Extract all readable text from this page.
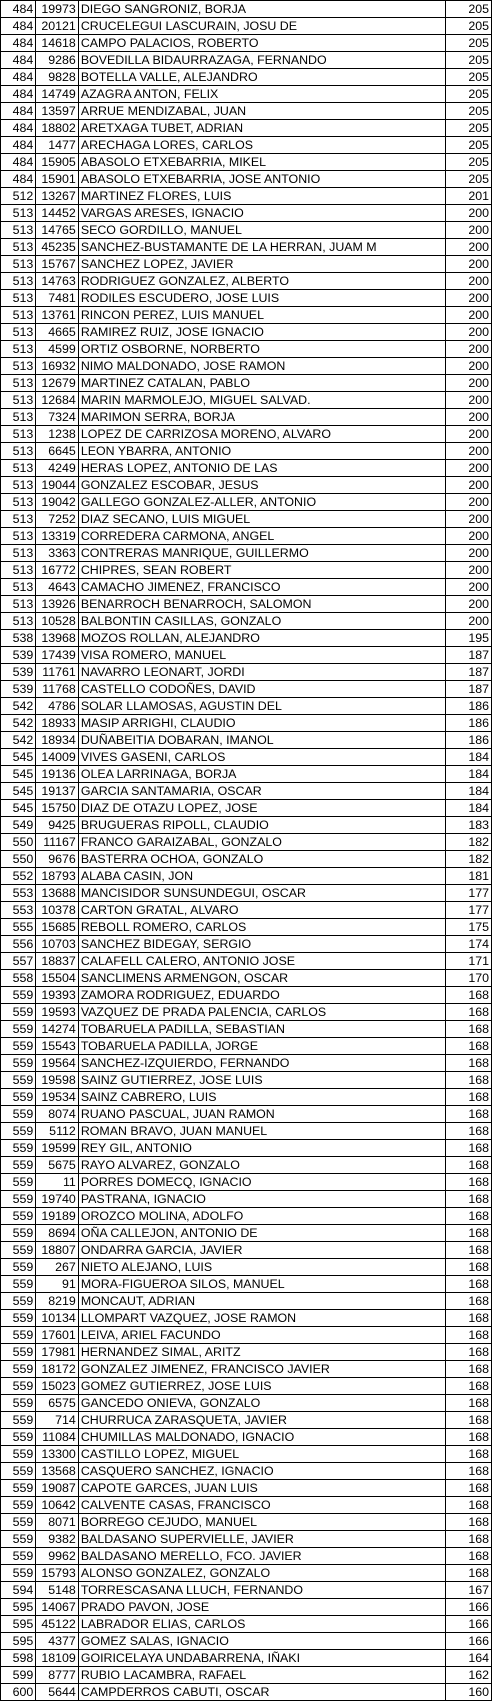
484	19973	DIEGO SANGRONIZ, BORJA	205
484	20121	CRUCELEGUI LASCURAIN, JOSU DE	205
484	14618	CAMPO PALACIOS, ROBERTO	205
484	9286	BOVEDILLA BIDAURRAZAGA, FERNANDO	205
484	9828	BOTELLA VALLE, ALEJANDRO	205
484	14749	AZAGRA ANTON, FELIX	205
484	13597	ARRUE MENDIZABAL, JUAN	205
484	18802	ARETXAGA TUBET, ADRIAN	205
484	1477	ARECHAGA LORES, CARLOS	205
484	15905	ABASOLO ETXEBARRIA, MIKEL	205
484	15901	ABASOLO ETXEBARRIA, JOSE ANTONIO	205
512	13267	MARTINEZ FLORES, LUIS	201
513	14452	VARGAS ARESES, IGNACIO	200
513	14765	SECO GORDILLO, MANUEL	200
513	45235	SANCHEZ-BUSTAMANTE DE LA HERRAN, JUAM M	200
513	15767	SANCHEZ LOPEZ, JAVIER	200
513	14763	RODRIGUEZ GONZALEZ, ALBERTO	200
513	7481	RODILES ESCUDERO, JOSE LUIS	200
513	13761	RINCON PEREZ, LUIS MANUEL	200
513	4665	RAMIREZ RUIZ, JOSE IGNACIO	200
513	4599	ORTIZ OSBORNE, NORBERTO	200
513	16932	NIMO MALDONADO, JOSE RAMON	200
513	12679	MARTINEZ CATALAN, PABLO	200
513	12684	MARIN MARMOLEJO, MIGUEL SALVAD.	200
513	7324	MARIMON SERRA, BORJA	200
513	1238	LOPEZ DE CARRIZOSA MORENO, ALVARO	200
513	6645	LEON YBARRA, ANTONIO	200
513	4249	HERAS LOPEZ, ANTONIO DE LAS	200
513	19044	GONZALEZ ESCOBAR, JESUS	200
513	19042	GALLEGO GONZALEZ-ALLER, ANTONIO	200
513	7252	DIAZ SECANO, LUIS MIGUEL	200
513	13319	CORREDERA CARMONA, ANGEL	200
513	3363	CONTRERAS MANRIQUE, GUILLERMO	200
513	16772	CHIPRES, SEAN ROBERT	200
513	4643	CAMACHO JIMENEZ, FRANCISCO	200
513	13926	BENARROCH BENARROCH, SALOMON	200
513	10528	BALBONTIN CASILLAS, GONZALO	200
538	13968	MOZOS ROLLAN, ALEJANDRO	195
539	17439	VISA ROMERO, MANUEL	187
539	11761	NAVARRO LEONART, JORDI	187
539	11768	CASTELLO CODOÑES, DAVID	187
542	4786	SOLAR LLAMOSAS, AGUSTIN DEL	186
542	18933	MASIP ARRIGHI, CLAUDIO	186
542	18934	DUÑABEITIA DOBARAN, IMANOL	186
545	14009	VIVES GASENI, CARLOS	184
545	19136	OLEA LARRINAGA, BORJA	184
545	19137	GARCIA SANTAMARIA, OSCAR	184
545	15750	DIAZ DE OTAZU LOPEZ, JOSE	184
549	9425	BRUGUERAS RIPOLL, CLAUDIO	183
550	11167	FRANCO GARAIZABAL, GONZALO	182
550	9676	BASTERRA OCHOA, GONZALO	182
552	18793	ALABA CASIN, JON	181
553	13688	MANCISIDOR SUNSUNDEGUI, OSCAR	177
553	10378	CARTON GRATAL, ALVARO	177
555	15685	REBOLL ROMERO, CARLOS	175
556	10703	SANCHEZ BIDEGAY, SERGIO	174
557	18837	CALAFELL CALERO, ANTONIO JOSE	171
558	15504	SANCLIMENS ARMENGON, OSCAR	170
559	19393	ZAMORA RODRIGUEZ, EDUARDO	168
559	19593	VAZQUEZ DE PRADA PALENCIA, CARLOS	168
559	14274	TOBARUELA PADILLA, SEBASTIAN	168
559	15543	TOBARUELA PADILLA, JORGE	168
559	19564	SANCHEZ-IZQUIERDO, FERNANDO	168
559	19598	SAINZ GUTIERREZ, JOSE LUIS	168
559	19534	SAINZ CABRERO, LUIS	168
559	8074	RUANO PASCUAL, JUAN RAMON	168
559	5112	ROMAN BRAVO, JUAN MANUEL	168
559	19599	REY GIL, ANTONIO	168
559	5675	RAYO ALVAREZ, GONZALO	168
559	11	PORRES DOMECQ, IGNACIO	168
559	19740	PASTRANA, IGNACIO	168
559	19189	OROZCO MOLINA, ADOLFO	168
559	8694	OÑA CALLEJON, ANTONIO DE	168
559	18807	ONDARRA GARCIA, JAVIER	168
559	267	NIETO ALEJANO, LUIS	168
559	91	MORA-FIGUEROA SILOS, MANUEL	168
559	8219	MONCAUT, ADRIAN	168
559	10134	LLOMPART VAZQUEZ, JOSE RAMON	168
559	17601	LEIVA, ARIEL FACUNDO	168
559	17981	HERNANDEZ SIMAL, ARITZ	168
559	18172	GONZALEZ JIMENEZ, FRANCISCO JAVIER	168
559	15023	GOMEZ GUTIERREZ, JOSE LUIS	168
559	6575	GANCEDO ONIEVA, GONZALO	168
559	714	CHURRUCA ZARASQUETA, JAVIER	168
559	11084	CHUMILLAS MALDONADO, IGNACIO	168
559	13300	CASTILLO LOPEZ, MIGUEL	168
559	13568	CASQUERO SANCHEZ, IGNACIO	168
559	19087	CAPOTE GARCES, JUAN LUIS	168
559	10642	CALVENTE CASAS, FRANCISCO	168
559	8071	BORREGO CEJUDO, MANUEL	168
559	9382	BALDASANO SUPERVIELLE, JAVIER	168
559	9962	BALDASANO MERELLO, FCO. JAVIER	168
559	15793	ALONSO GONZALEZ, GONZALO	168
594	5148	TORRESCASANA LLUCH, FERNANDO	167
595	14067	PRADO PAVON, JOSE	166
595	45122	LABRADOR ELIAS, CARLOS	166
595	4377	GOMEZ SALAS, IGNACIO	166
598	18109	GOIRICELAYA UNDABARRENA, IÑAKI	164
599	8777	RUBIO LACAMBRA, RAFAEL	162
600	5644	CAMPDERROS CABUTI, OSCAR	160
